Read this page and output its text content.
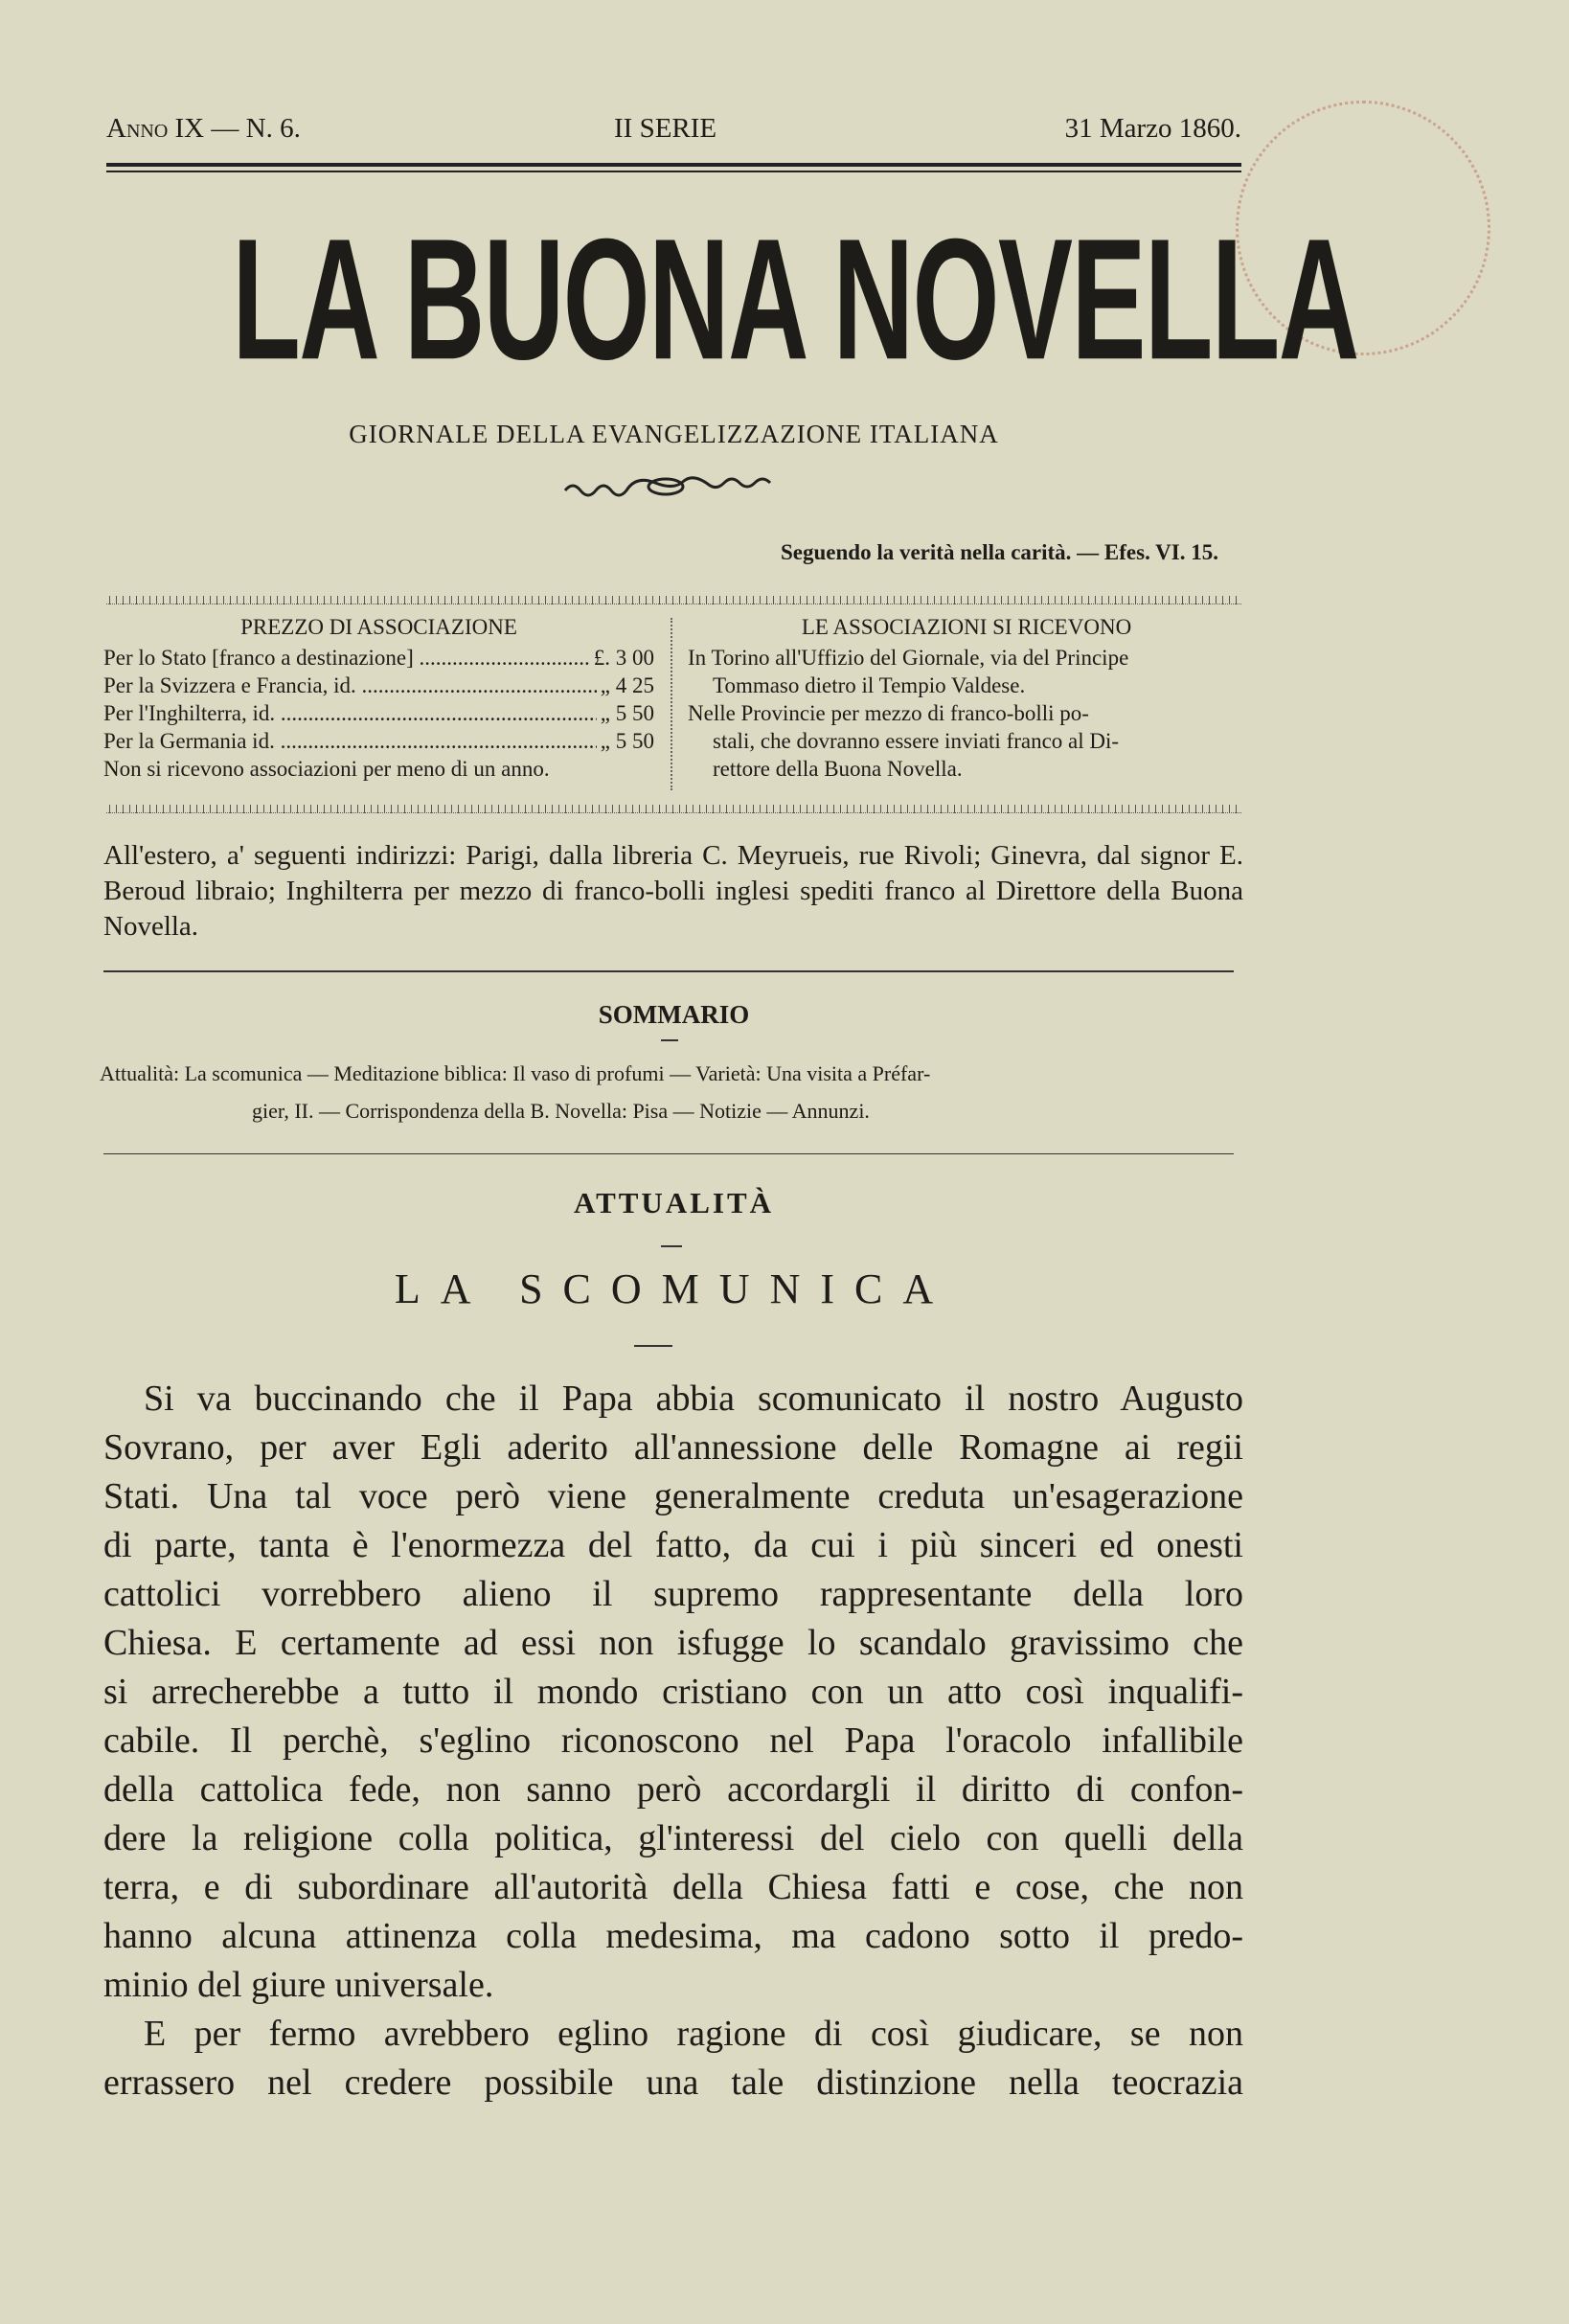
Anno IX — N. 6.	II SERIE	31 Marzo 1860.
LA BUONA NOVELLA
GIORNALE DELLA EVANGELIZZAZIONE ITALIANA
Seguendo la verità nella carità. — Efes. VI. 15.
PREZZO DI ASSOCIAZIONE
Per lo Stato [franco a destinazione] .....	£. 3 00
Per la Svizzera e Francia, id. .....	„ 4 25
Per l'Inghilterra, id. .....	„ 5 50
Per la Germania id. .....	„ 5 50
Non si ricevono associazioni per meno di un anno.
LE ASSOCIAZIONI SI RICEVONO
In Torino all'Uffizio del Giornale, via del Principe
Tommaso dietro il Tempio Valdese.
Nelle Provincie per mezzo di franco-bolli po-
stali, che dovranno essere inviati franco al Di-
rettore della Buona Novella.
All'estero, a' seguenti indirizzi: Parigi, dalla libreria C. Meyrueis, rue Rivoli; Ginevra, dal signor E. Beroud libraio; Inghilterra per mezzo di franco-bolli inglesi spediti franco al Direttore della Buona Novella.
SOMMARIO
Attualità: La scomunica — Meditazione biblica: Il vaso di profumi — Varietà: Una visita a Préfar-
gier, II. — Corrispondenza della B. Novella: Pisa — Notizie — Annunzi.
ATTUALITÀ
LA SCOMUNICA
Si va buccinando che il Papa abbia scomunicato il nostro Augusto
Sovrano, per aver Egli aderito all'annessione delle Romagne ai regii
Stati. Una tal voce però viene generalmente creduta un'esagerazione
di parte, tanta è l'enormezza del fatto, da cui i più sinceri ed onesti
cattolici vorrebbero alieno il supremo rappresentante della loro
Chiesa. E certamente ad essi non isfugge lo scandalo gravissimo che
si arrecherebbe a tutto il mondo cristiano con un atto così inqualifi-
cabile. Il perchè, s'eglino riconoscono nel Papa l'oracolo infallibile
della cattolica fede, non sanno però accordargli il diritto di confon-
dere la religione colla politica, gl'interessi del cielo con quelli della
terra, e di subordinare all'autorità della Chiesa fatti e cose, che non
hanno alcuna attinenza colla medesima, ma cadono sotto il predo-
minio del giure universale.
E per fermo avrebbero eglino ragione di così giudicare, se non
errassero nel credere possibile una tale distinzione nella teocrazia
